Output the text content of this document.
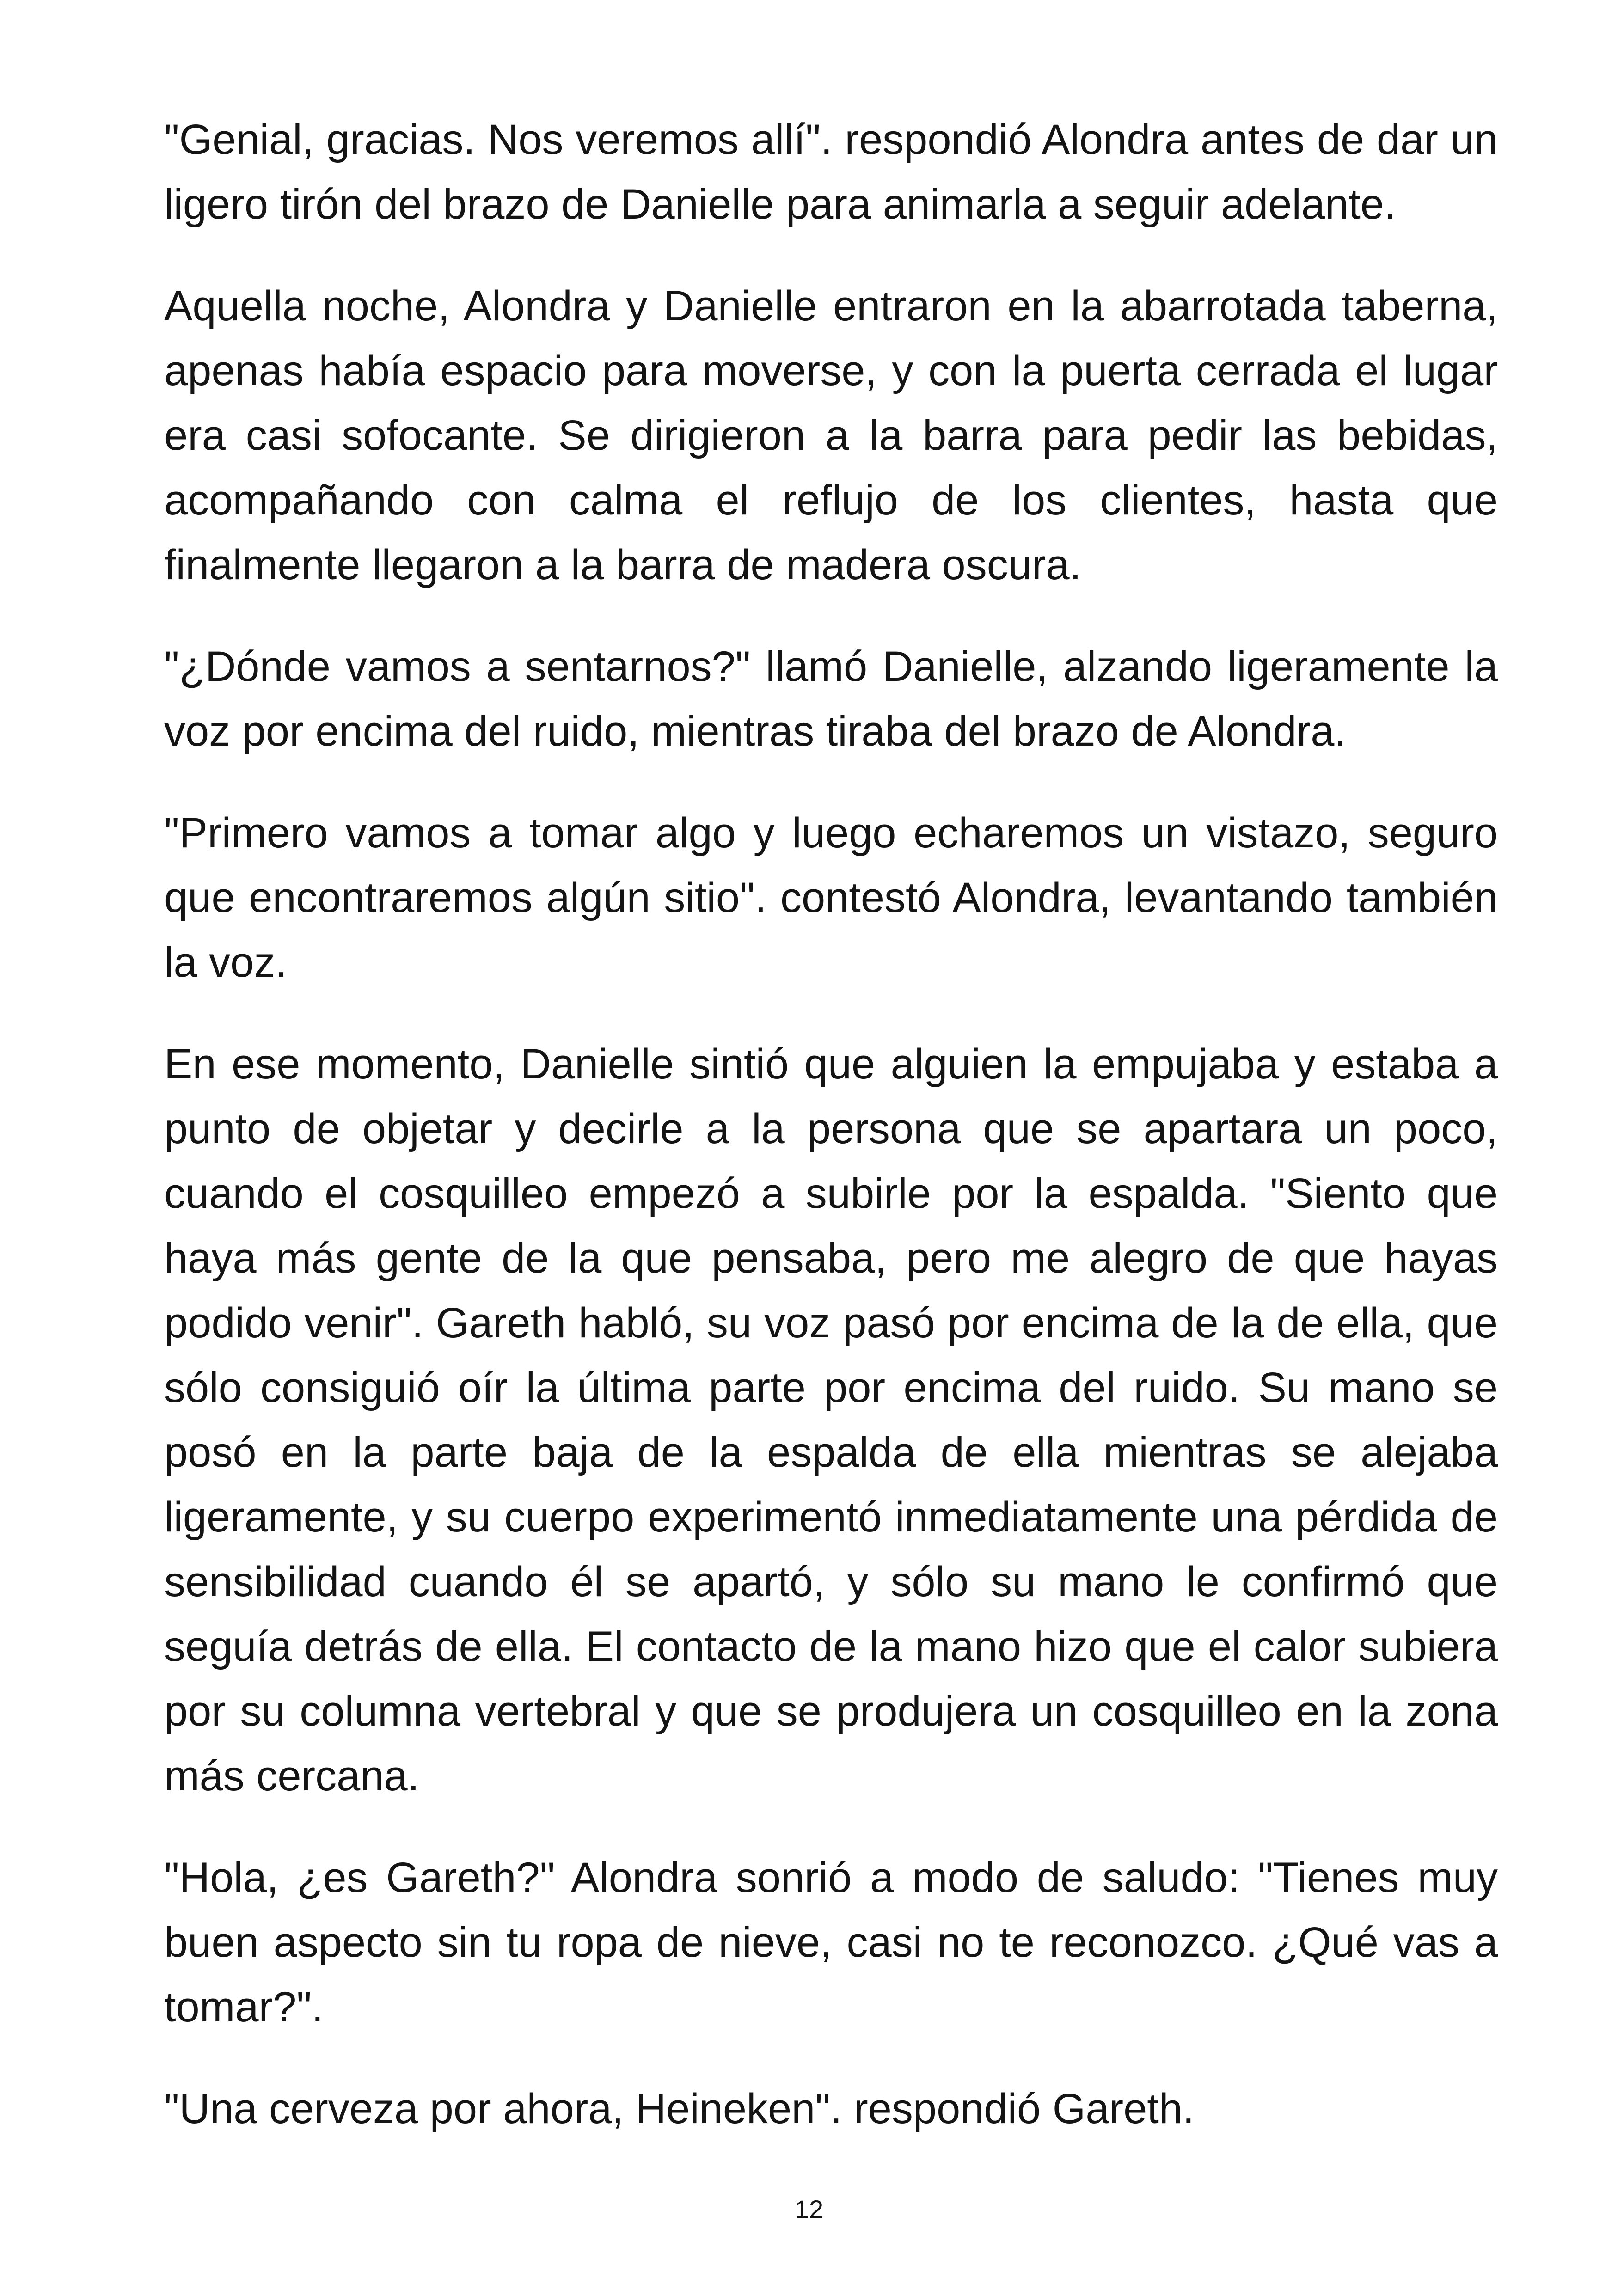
"Genial, gracias. Nos veremos allí". respondió Alondra antes de dar un ligero tirón del brazo de Danielle para animarla a seguir adelante.

Aquella noche, Alondra y Danielle entraron en la abarrotada taberna, apenas había espacio para moverse, y con la puerta cerrada el lugar era casi sofocante. Se dirigieron a la barra para pedir las bebidas, acompañando con calma el reflujo de los clientes, hasta que finalmente llegaron a la barra de madera oscura.

"¿Dónde vamos a sentarnos?" llamó Danielle, alzando ligeramente la voz por encima del ruido, mientras tiraba del brazo de Alondra.

"Primero vamos a tomar algo y luego echaremos un vistazo, seguro que encontraremos algún sitio". contestó Alondra, levantando también la voz.

En ese momento, Danielle sintió que alguien la empujaba y estaba a punto de objetar y decirle a la persona que se apartara un poco, cuando el cosquilleo empezó a subirle por la espalda. "Siento que haya más gente de la que pensaba, pero me alegro de que hayas podido venir". Gareth habló, su voz pasó por encima de la de ella, que sólo consiguió oír la última parte por encima del ruido. Su mano se posó en la parte baja de la espalda de ella mientras se alejaba ligeramente, y su cuerpo experimentó inmediatamente una pérdida de sensibilidad cuando él se apartó, y sólo su mano le confirmó que seguía detrás de ella. El contacto de la mano hizo que el calor subiera por su columna vertebral y que se produjera un cosquilleo en la zona más cercana.

"Hola, ¿es Gareth?" Alondra sonrió a modo de saludo: "Tienes muy buen aspecto sin tu ropa de nieve, casi no te reconozco. ¿Qué vas a tomar?".

"Una cerveza por ahora, Heineken". respondió Gareth.

12
